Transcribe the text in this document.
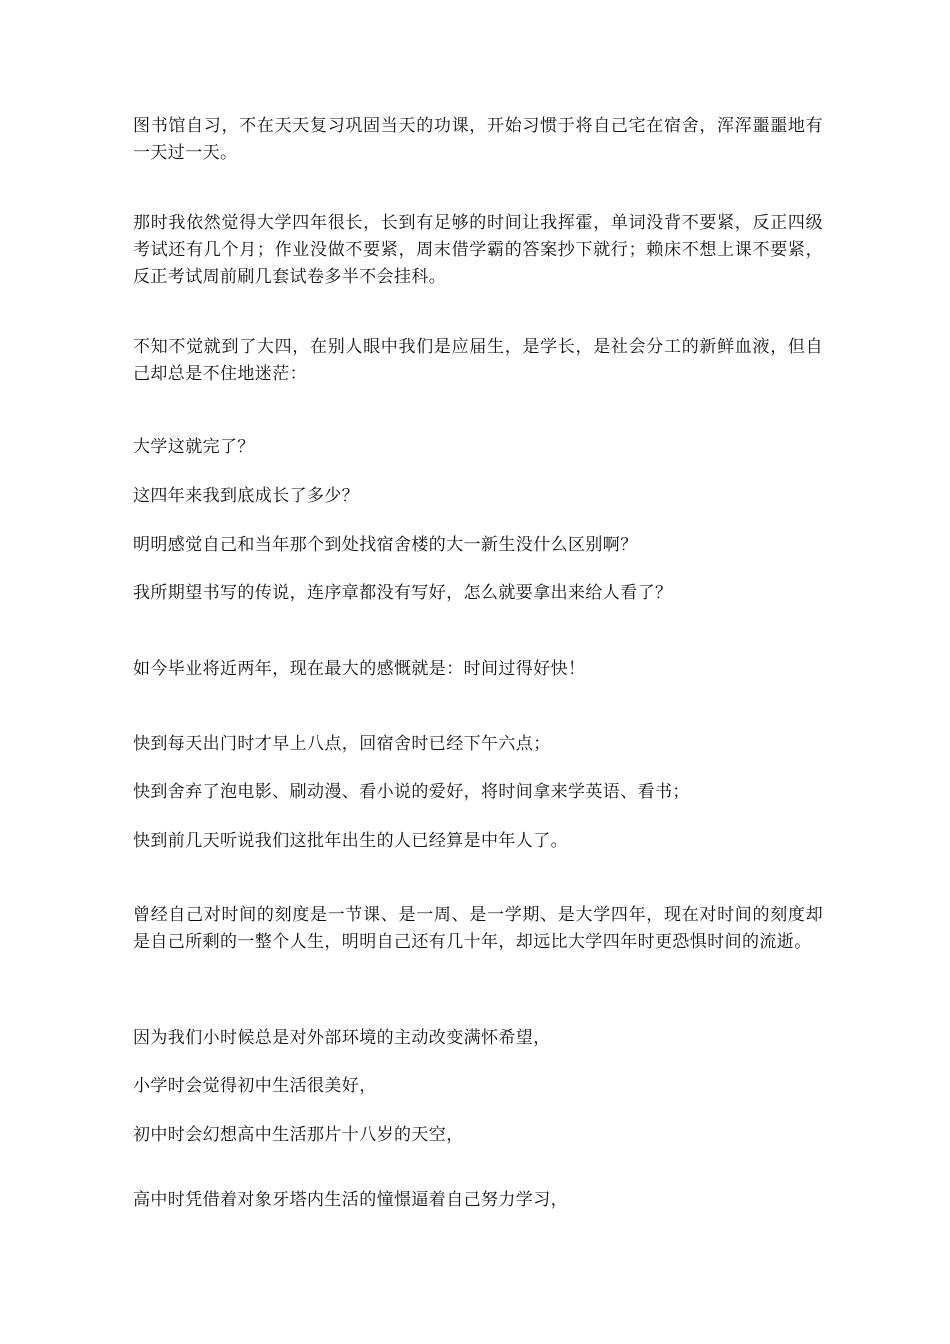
图书馆自习，不在天天复习巩固当天的功课，开始习惯于将自己宅在宿舍，浑浑噩噩地有一天过一天。

那时我依然觉得大学四年很长，长到有足够的时间让我挥霍，单词没背不要紧，反正四级考试还有几个月；作业没做不要紧，周末借学霸的答案抄下就行；赖床不想上课不要紧，反正考试周前刷几套试卷多半不会挂科。

不知不觉就到了大四，在别人眼中我们是应届生，是学长，是社会分工的新鲜血液，但自己却总是不住地迷茫：

大学这就完了？

这四年来我到底成长了多少？

明明感觉自己和当年那个到处找宿舍楼的大一新生没什么区别啊？

我所期望书写的传说，连序章都没有写好，怎么就要拿出来给人看了？

如今毕业将近两年，现在最大的感慨就是：时间过得好快！

快到每天出门时才早上八点，回宿舍时已经下午六点；

快到舍弃了泡电影、刷动漫、看小说的爱好，将时间拿来学英语、看书；

快到前几天听说我们这批年出生的人已经算是中年人了。

曾经自己对时间的刻度是一节课、是一周、是一学期、是大学四年，现在对时间的刻度却是自己所剩的一整个人生，明明自己还有几十年，却远比大学四年时更恐惧时间的流逝。

因为我们小时候总是对外部环境的主动改变满怀希望，

小学时会觉得初中生活很美好，

初中时会幻想高中生活那片十八岁的天空，

高中时凭借着对象牙塔内生活的憧憬逼着自己努力学习，
